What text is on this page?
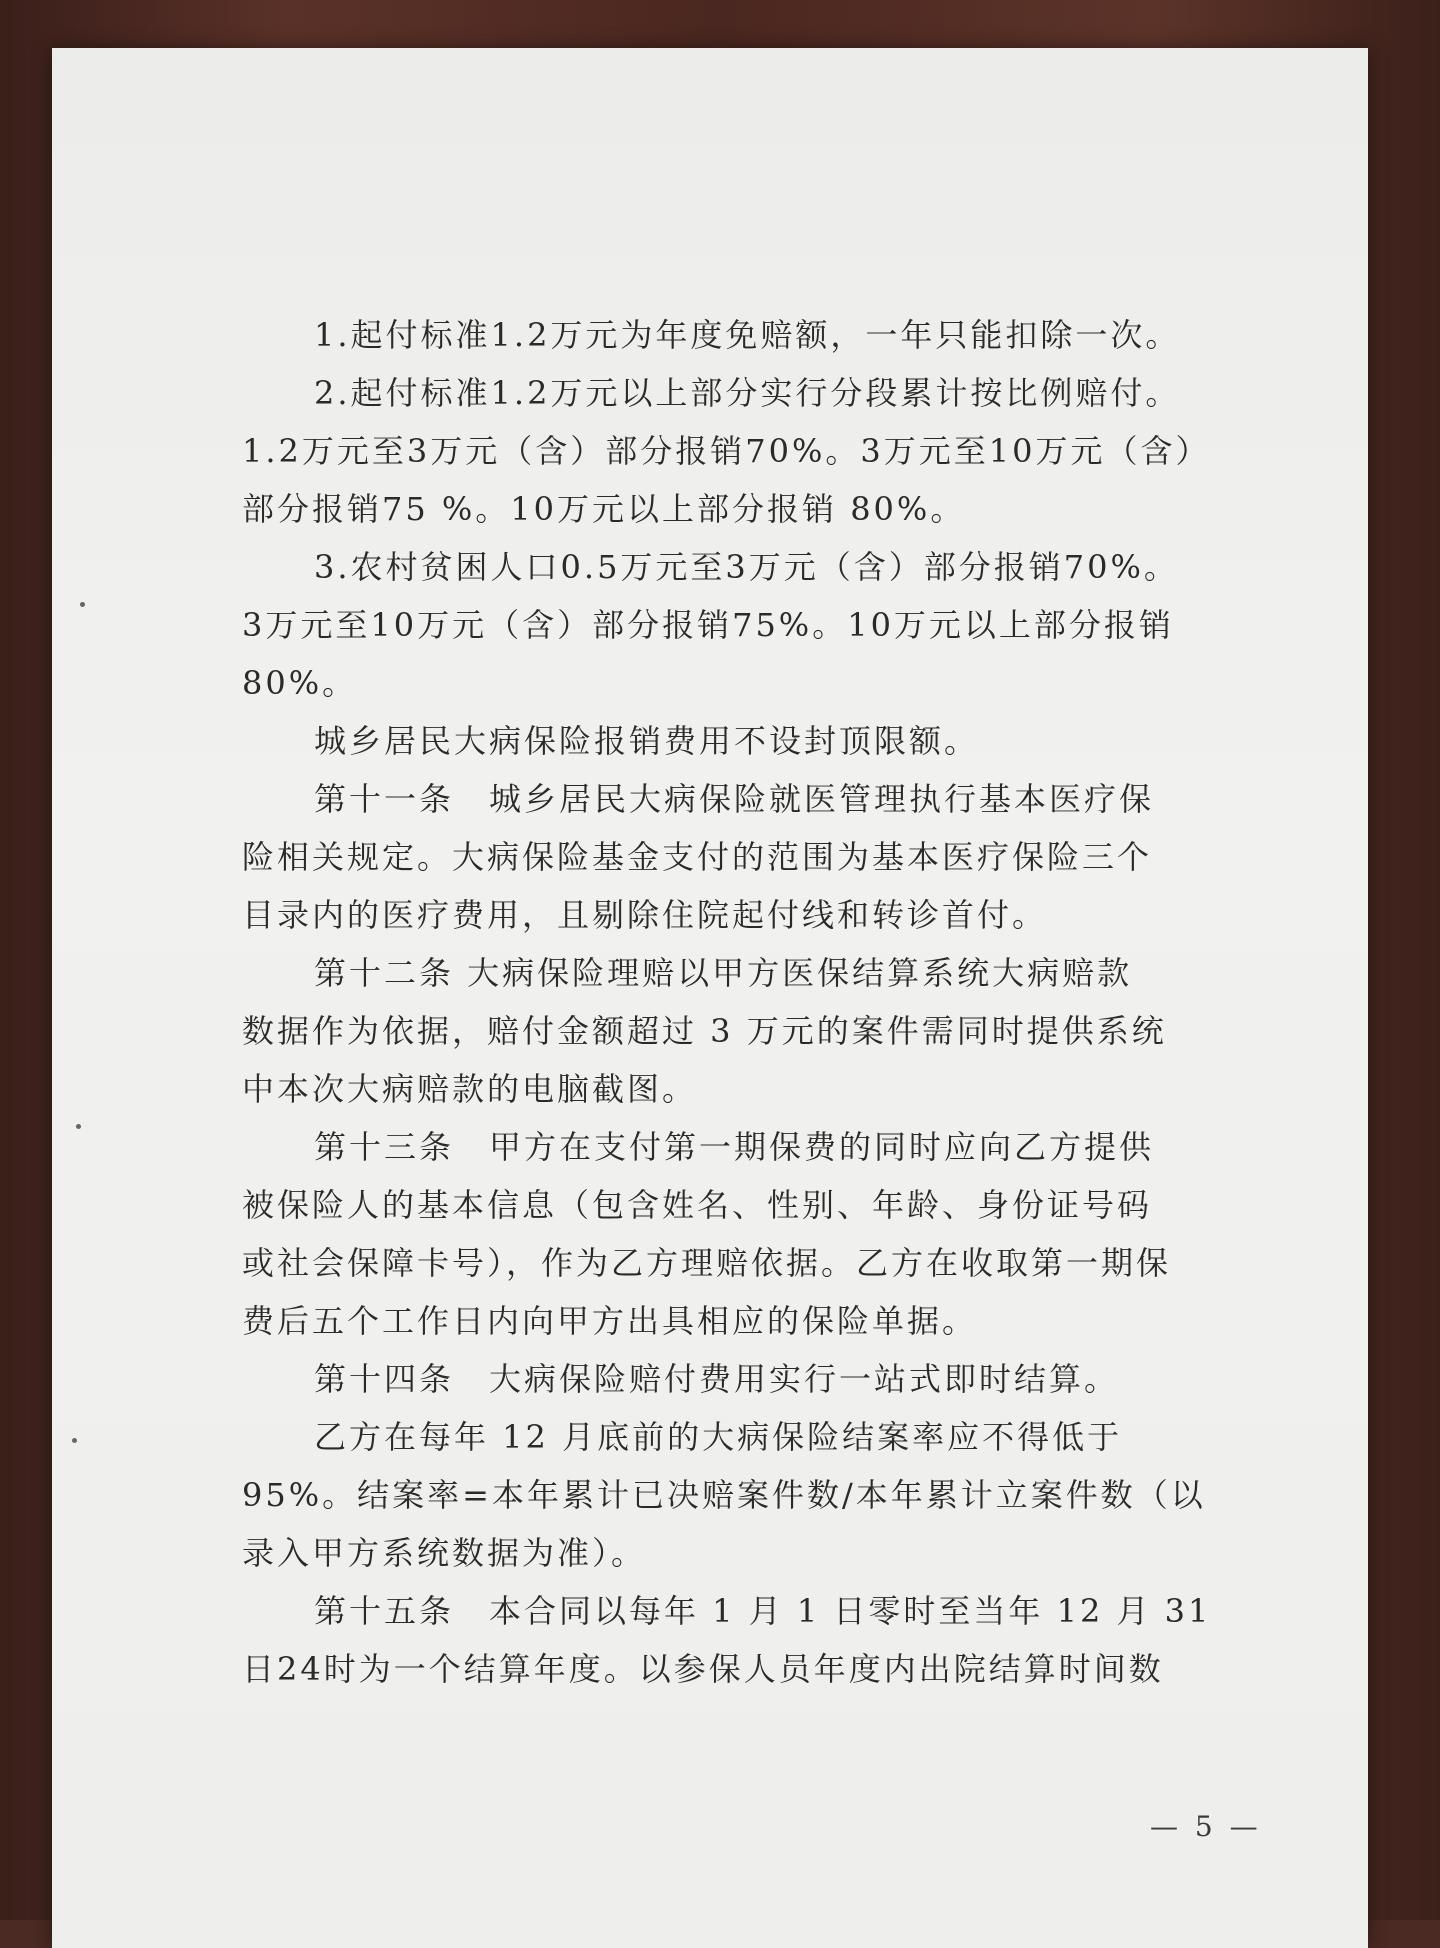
1.起付标准1.2万元为年度免赔额，一年只能扣除一次。
2.起付标准1.2万元以上部分实行分段累计按比例赔付。
1.2万元至3万元（含）部分报销70%。3万元至10万元（含）
部分报销75 %。10万元以上部分报销 80%。
3.农村贫困人口0.5万元至3万元（含）部分报销70%。
3万元至10万元（含）部分报销75%。10万元以上部分报销
80%。
城乡居民大病保险报销费用不设封顶限额。
第十一条　城乡居民大病保险就医管理执行基本医疗保
险相关规定。大病保险基金支付的范围为基本医疗保险三个
目录内的医疗费用，且剔除住院起付线和转诊首付。
第十二条 大病保险理赔以甲方医保结算系统大病赔款
数据作为依据，赔付金额超过 3 万元的案件需同时提供系统
中本次大病赔款的电脑截图。
第十三条　甲方在支付第一期保费的同时应向乙方提供
被保险人的基本信息（包含姓名、性别、年龄、身份证号码
或社会保障卡号），作为乙方理赔依据。乙方在收取第一期保
费后五个工作日内向甲方出具相应的保险单据。
第十四条　大病保险赔付费用实行一站式即时结算。
乙方在每年 12 月底前的大病保险结案率应不得低于
95%。结案率=本年累计已决赔案件数/本年累计立案件数（以
录入甲方系统数据为准）。
第十五条　本合同以每年 1 月 1 日零时至当年 12 月 31
日24时为一个结算年度。以参保人员年度内出院结算时间数
— 5 —
